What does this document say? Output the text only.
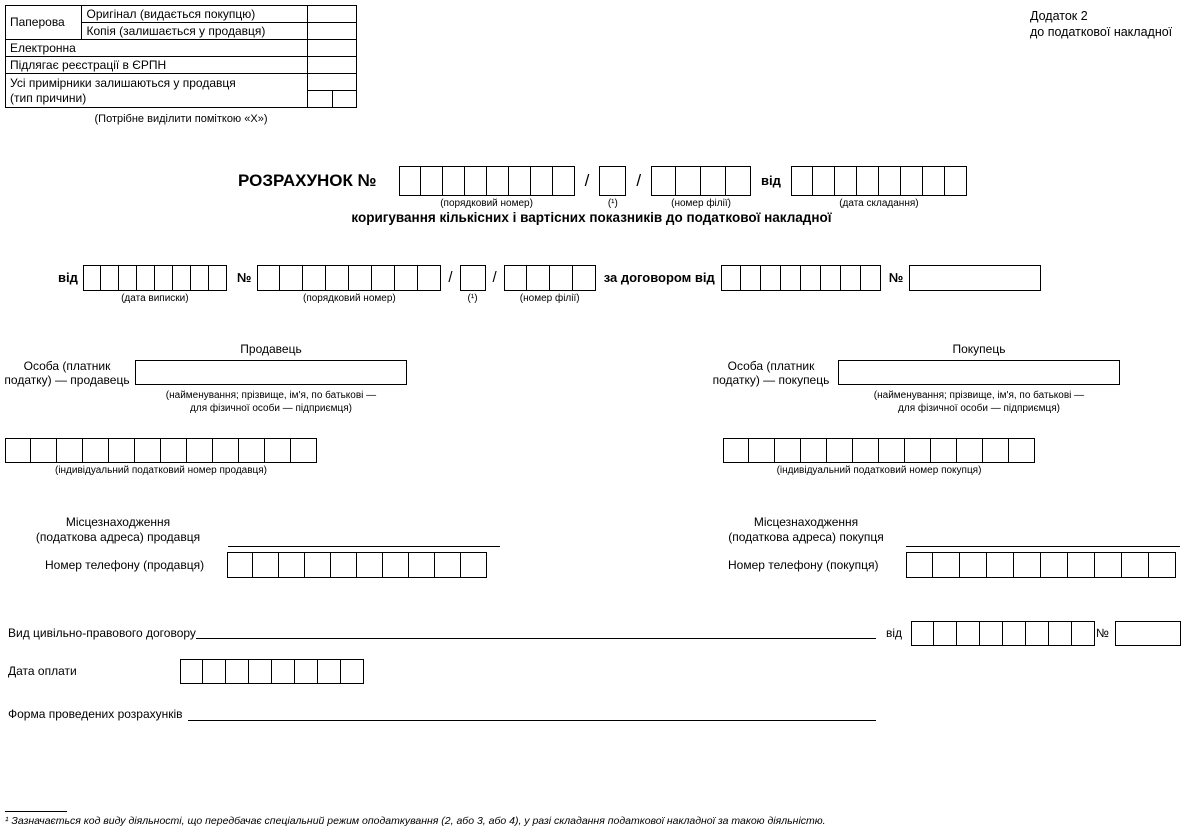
Паперова	Оригінал (видається покупцю)	
	Копія (залишається у продавця)	
Електронна		
Підлягає реєстрації в ЄРПН		
Усі примірники залишаються у продавця
(тип причини)		
(Потрібне виділити поміткою «Х»)
Додаток 2
до податкової накладної
РОЗРАХУНОК №
(порядковий номер)
/
(¹)
/
(номер філії)
від
(дата складання)
коригування кількісних і вартісних показників до податкової накладної
від
(дата виписки)
№
(порядковий номер)
/
(¹)
/
(номер філії)
за договором від	№
Продавець
Особа (платник податку) — продавець
(найменування; прізвище, ім'я, по батькові —
для фізичної особи — підприємця)
(індивідуальний податковий номер продавця)
Місцезнаходження
(податкова адреса) продавця
Номер телефону (продавця)
Покупець
Особа (платник податку) — покупець
(найменування; прізвище, ім'я, по батькові —
для фізичної особи — підприємця)
(індивідуальний податковий номер покупця)
Місцезнаходження
(податкова адреса) покупця
Номер телефону (покупця)
Вид цивільно-правового договору	від	№
Дата оплати
Форма проведених розрахунків
¹ Зазначається код виду діяльності, що передбачає спеціальний режим оподаткування (2, або 3, або 4), у разі складання податкової накладної за такою діяльністю.
